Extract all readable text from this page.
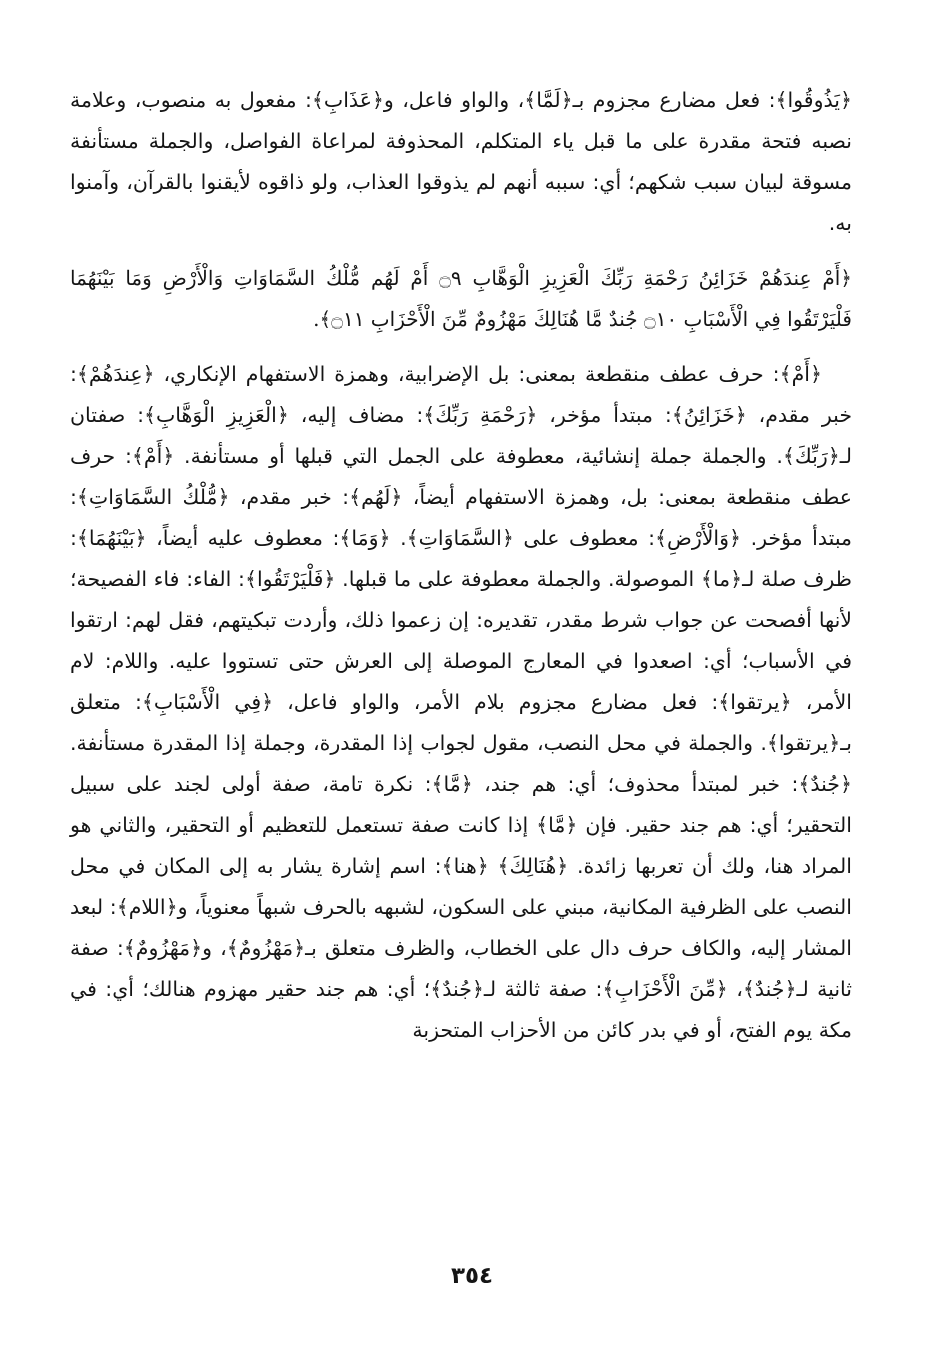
﴿يَذُوقُوا﴾: فعل مضارع مجزوم بـ﴿لَمَّا﴾، والواو فاعل، و﴿عَذَابِ﴾: مفعول به منصوب، وعلامة نصبه فتحة مقدرة على ما قبل ياء المتكلم، المحذوفة لمراعاة الفواصل، والجملة مستأنفة مسوقة لبيان سبب شكهم؛ أي: سببه أنهم لم يذوقوا العذاب، ولو ذاقوه لأيقنوا بالقرآن، وآمنوا به.

﴿أَمْ عِندَهُمْ خَزَائِنُ رَحْمَةِ رَبِّكَ الْعَزِيزِ الْوَهَّابِ ۝٩ أَمْ لَهُم مُّلْكُ السَّمَاوَاتِ وَالْأَرْضِ وَمَا بَيْنَهُمَا فَلْيَرْتَقُوا فِي الْأَسْبَابِ ۝١٠ جُندٌ مَّا هُنَالِكَ مَهْزُومٌ مِّنَ الْأَحْزَابِ ۝١١﴾.

﴿أَمْ﴾: حرف عطف منقطعة بمعنى: بل الإضرابية، وهمزة الاستفهام الإنكاري، ﴿عِندَهُمْ﴾: خبر مقدم، ﴿خَزَائِنُ﴾: مبتدأ مؤخر، ﴿رَحْمَةِ رَبِّكَ﴾: مضاف إليه، ﴿الْعَزِيزِ الْوَهَّابِ﴾: صفتان لـ﴿رَبِّكَ﴾. والجملة جملة إنشائية، معطوفة على الجمل التي قبلها أو مستأنفة. ﴿أَمْ﴾: حرف عطف منقطعة بمعنى: بل، وهمزة الاستفهام أيضاً، ﴿لَهُم﴾: خبر مقدم، ﴿مُّلْكُ السَّمَاوَاتِ﴾: مبتدأ مؤخر. ﴿وَالْأَرْضِ﴾: معطوف على ﴿السَّمَاوَاتِ﴾. ﴿وَمَا﴾: معطوف عليه أيضاً، ﴿بَيْنَهُمَا﴾: ظرف صلة لـ﴿ما﴾ الموصولة. والجملة معطوفة على ما قبلها. ﴿فَلْيَرْتَقُوا﴾: الفاء: فاء الفصيحة؛ لأنها أفصحت عن جواب شرط مقدر، تقديره: إن زعموا ذلك، وأردت تبكيتهم، فقل لهم: ارتقوا في الأسباب؛ أي: اصعدوا في المعارج الموصلة إلى العرش حتى تستووا عليه. واللام: لام الأمر، ﴿يرتقوا﴾: فعل مضارع مجزوم بلام الأمر، والواو فاعل، ﴿فِي الْأَسْبَابِ﴾: متعلق بـ﴿يرتقوا﴾. والجملة في محل النصب، مقول لجواب إذا المقدرة، وجملة إذا المقدرة مستأنفة. ﴿جُندٌ﴾: خبر لمبتدأ محذوف؛ أي: هم جند، ﴿مَّا﴾: نكرة تامة، صفة أولى لجند على سبيل التحقير؛ أي: هم جند حقير. فإن ﴿مَّا﴾ إذا كانت صفة تستعمل للتعظيم أو التحقير، والثاني هو المراد هنا، ولك أن تعربها زائدة. ﴿هُنَالِكَ﴾ ﴿هنا﴾: اسم إشارة يشار به إلى المكان في محل النصب على الظرفية المكانية، مبني على السكون، لشبهه بالحرف شبهاً معنوياً، و﴿اللام﴾: لبعد المشار إليه، والكاف حرف دال على الخطاب، والظرف متعلق بـ﴿مَهْزُومٌ﴾، و﴿مَهْزُومٌ﴾: صفة ثانية لـ﴿جُندٌ﴾، ﴿مِّنَ الْأَحْزَابِ﴾: صفة ثالثة لـ﴿جُندٌ﴾؛ أي: هم جند حقير مهزوم هنالك؛ أي: في مكة يوم الفتح، أو في بدر كائن من الأحزاب المتحزبة

٣٥٤
